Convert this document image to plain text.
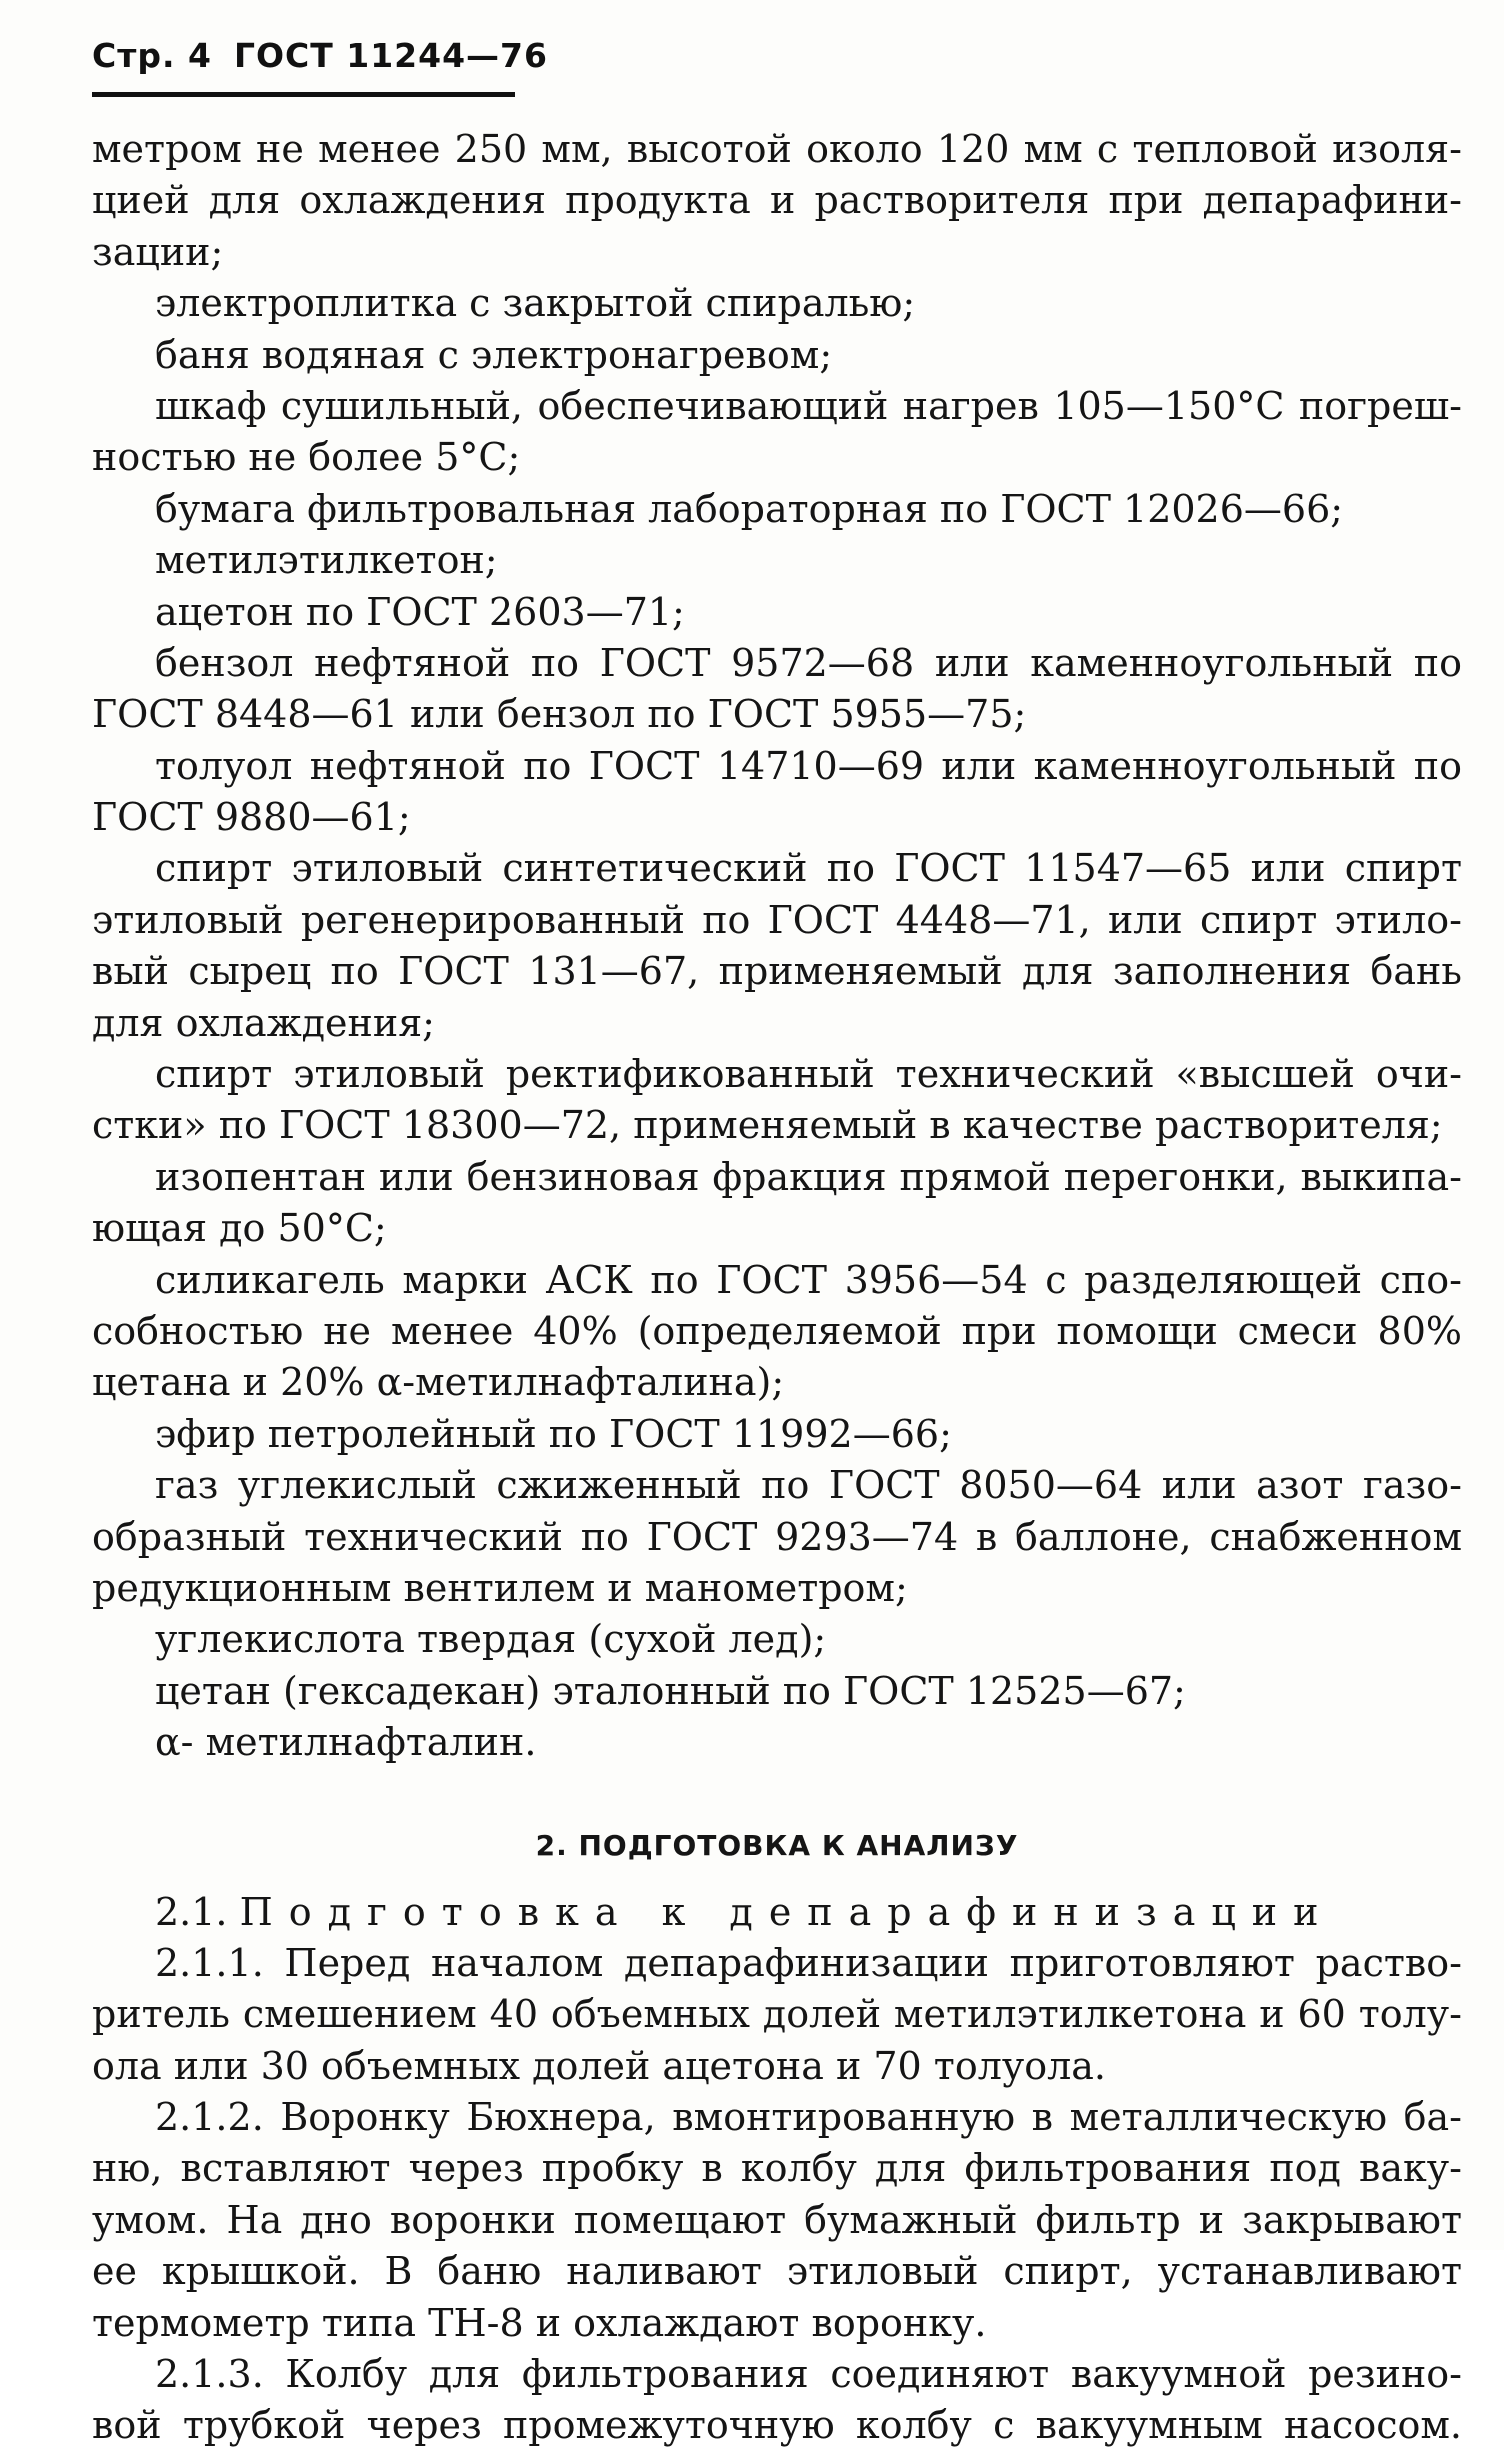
Стр. 4 ГОСТ 11244—76
метром не менее 250 мм, высотой около 120 мм с тепловой изоля-
цией для охлаждения продукта и растворителя при депарафини-
зации;
электроплитка с закрытой спиралью;
баня водяная с электронагревом;
шкаф сушильный, обеспечивающий нагрев 105—150°С погреш-
ностью не более 5°С;
бумага фильтровальная лабораторная по ГОСТ 12026—66;
метилэтилкетон;
ацетон по ГОСТ 2603—71;
бензол нефтяной по ГОСТ 9572—68 или каменноугольный по
ГОСТ 8448—61 или бензол по ГОСТ 5955—75;
толуол нефтяной по ГОСТ 14710—69 или каменноугольный по
ГОСТ 9880—61;
спирт этиловый синтетический по ГОСТ 11547—65 или спирт
этиловый регенерированный по ГОСТ 4448—71, или спирт этило-
вый сырец по ГОСТ 131—67, применяемый для заполнения бань
для охлаждения;
спирт этиловый ректификованный технический «высшей очи-
стки» по ГОСТ 18300—72, применяемый в качестве растворителя;
изопентан или бензиновая фракция прямой перегонки, выкипа-
ющая до 50°С;
силикагель марки АСК по ГОСТ 3956—54 с разделяющей спо-
собностью не менее 40% (определяемой при помощи смеси 80%
цетана и 20% α-метилнафталина);
эфир петролейный по ГОСТ 11992—66;
газ углекислый сжиженный по ГОСТ 8050—64 или азот газо-
образный технический по ГОСТ 9293—74 в баллоне, снабженном
редукционным вентилем и манометром;
углекислота твердая (сухой лед);
цетан (гексадекан) эталонный по ГОСТ 12525—67;
α- метилнафталин.
2. ПОДГОТОВКА К АНАЛИЗУ
2.1. Подготовка к депарафинизации
2.1.1. Перед началом депарафинизации приготовляют раство-
ритель смешением 40 объемных долей метилэтилкетона и 60 толу-
ола или 30 объемных долей ацетона и 70 толуола.
2.1.2. Воронку Бюхнера, вмонтированную в металлическую ба-
ню, вставляют через пробку в колбу для фильтрования под ваку-
умом. На дно воронки помещают бумажный фильтр и закрывают
ее крышкой. В баню наливают этиловый спирт, устанавливают
термометр типа ТН-8 и охлаждают воронку.
2.1.3. Колбу для фильтрования соединяют вакуумной резино-
вой трубкой через промежуточную колбу с вакуумным насосом.
